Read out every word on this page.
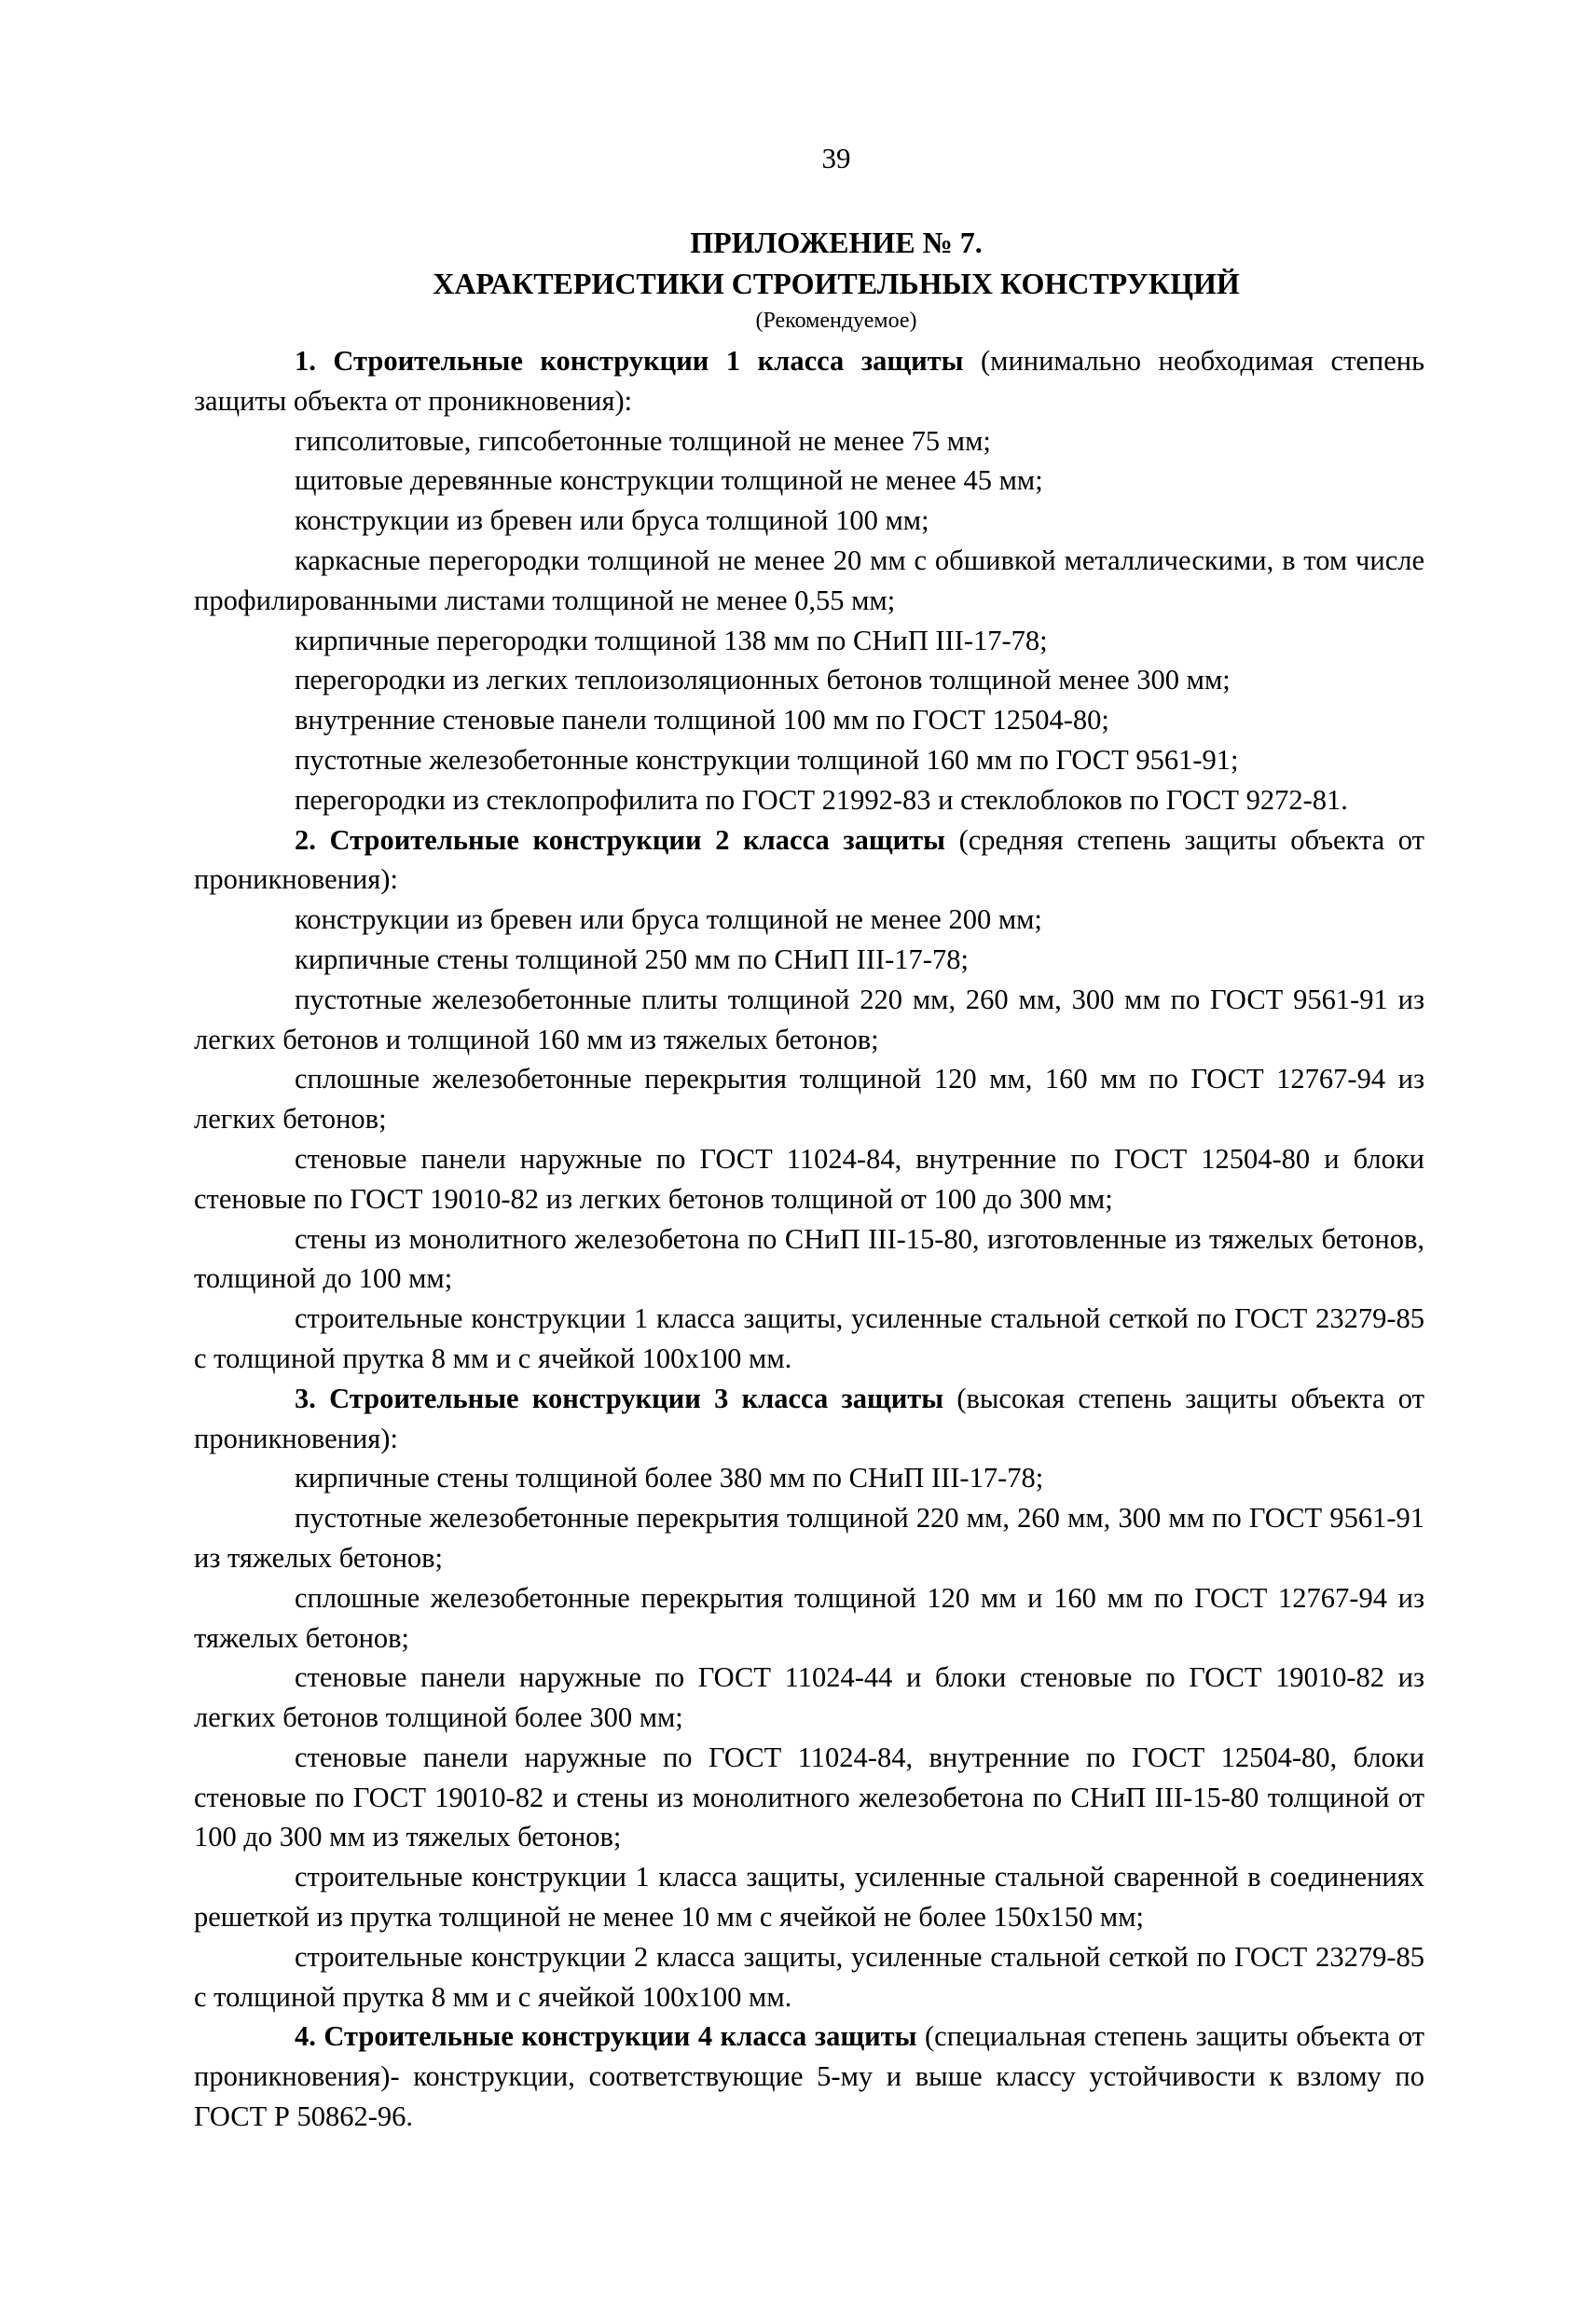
39
ПРИЛОЖЕНИЕ № 7.
ХАРАКТЕРИСТИКИ СТРОИТЕЛЬНЫХ КОНСТРУКЦИЙ
(Рекомендуемое)

1. Строительные конструкции 1 класса защиты (минимально необходимая степень защиты объекта от проникновения):

гипсолитовые, гипсобетонные толщиной не менее 75 мм;

щитовые деревянные конструкции толщиной не менее 45 мм;

конструкции из бревен или бруса толщиной 100 мм;

каркасные перегородки толщиной не менее 20 мм с обшивкой металлическими, в том числе профилированными листами толщиной не менее 0,55 мм;

кирпичные перегородки толщиной 138 мм по СНиП III-17-78;

перегородки из легких теплоизоляционных бетонов толщиной менее 300 мм;

внутренние стеновые панели толщиной 100 мм по ГОСТ 12504-80;

пустотные железобетонные конструкции толщиной 160 мм по ГОСТ 9561-91;

перегородки из стеклопрофилита по ГОСТ 21992-83 и стеклоблоков по ГОСТ 9272-81.

2. Строительные конструкции 2 класса защиты (средняя степень защиты объекта от проникновения):

конструкции из бревен или бруса толщиной не менее 200 мм;

кирпичные стены толщиной 250 мм по СНиП III-17-78;

пустотные железобетонные плиты толщиной 220 мм, 260 мм, 300 мм по ГОСТ 9561-91 из легких бетонов и толщиной 160 мм из тяжелых бетонов;

сплошные железобетонные перекрытия толщиной 120 мм, 160 мм по ГОСТ 12767-94 из легких бетонов;

стеновые панели наружные по ГОСТ 11024-84, внутренние по ГОСТ 12504-80 и блоки стеновые по ГОСТ 19010-82 из легких бетонов толщиной от 100 до 300 мм;

стены из монолитного железобетона по СНиП III-15-80, изготовленные из тяжелых бетонов, толщиной до 100 мм;

строительные конструкции 1 класса защиты, усиленные стальной сеткой по ГОСТ 23279-85 с толщиной прутка 8 мм и с ячейкой 100х100 мм.

3. Строительные конструкции 3 класса защиты (высокая степень защиты объекта от проникновения):

кирпичные стены толщиной более 380 мм по СНиП III-17-78;

пустотные железобетонные перекрытия толщиной 220 мм, 260 мм, 300 мм по ГОСТ 9561-91 из тяжелых бетонов;

сплошные железобетонные перекрытия толщиной 120 мм и 160 мм по ГОСТ 12767-94 из тяжелых бетонов;

стеновые панели наружные по ГОСТ 11024-44 и блоки стеновые по ГОСТ 19010-82 из легких бетонов толщиной более 300 мм;

стеновые панели наружные по ГОСТ 11024-84, внутренние по ГОСТ 12504-80, блоки стеновые по ГОСТ 19010-82 и стены из монолитного железобетона по СНиП III-15-80 толщиной от 100 до 300 мм из тяжелых бетонов;

строительные конструкции 1 класса защиты, усиленные стальной сваренной в соединениях решеткой из прутка толщиной не менее 10 мм с ячейкой не более 150х150 мм;

строительные конструкции 2 класса защиты, усиленные стальной сеткой по ГОСТ 23279-85 с толщиной прутка 8 мм и с ячейкой 100х100 мм.

4. Строительные конструкции 4 класса защиты (специальная степень защиты объекта от проникновения)- конструкции, соответствующие 5-му и выше классу устойчивости к взлому по ГОСТ Р 50862-96.
